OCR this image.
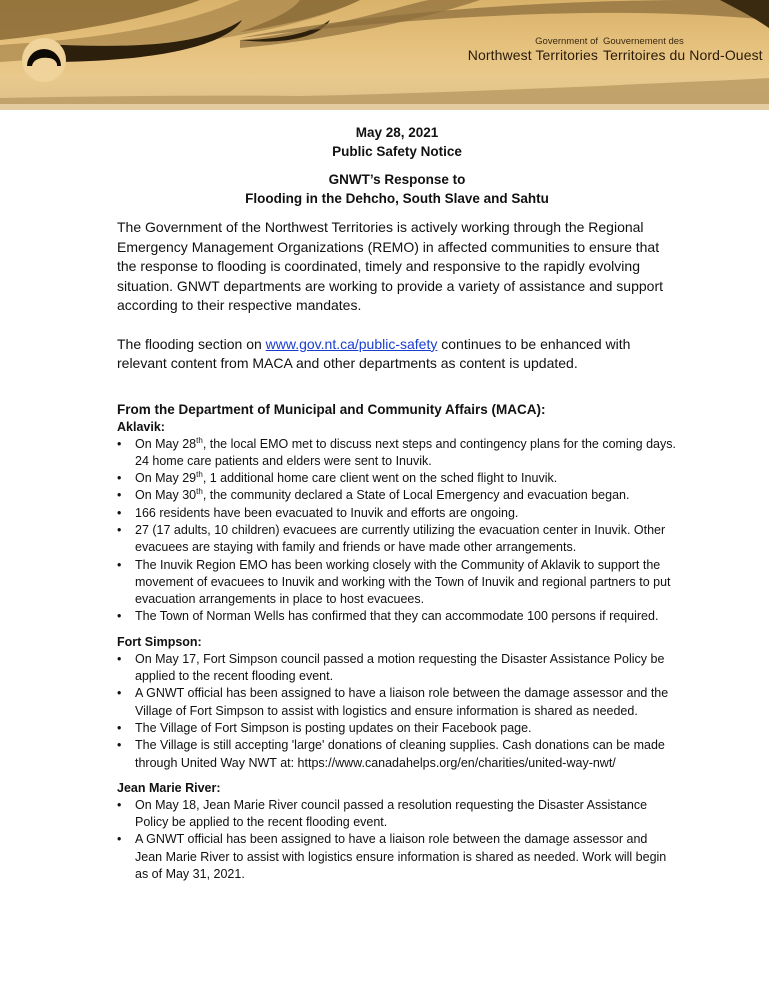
Government of
Northwest Territories
Gouvernement des
Territoires du Nord-Ouest
May 28, 2021
Public Safety Notice
GNWT’s Response to
Flooding in the Dehcho, South Slave and Sahtu

The Government of the Northwest Territories is actively working through the Regional Emergency Management Organizations (REMO) in affected communities to ensure that the response to flooding is coordinated, timely and responsive to the rapidly evolving situation. GNWT departments are working to provide a variety of assistance and support according to their respective mandates.

The flooding section on www.gov.nt.ca/public-safety continues to be enhanced with relevant content from MACA and other departments as content is updated.

From the Department of Municipal and Community Affairs (MACA):
Aklavik:
• On May 28th, the local EMO met to discuss next steps and contingency plans for the coming days. 24 home care patients and elders were sent to Inuvik.
• On May 29th, 1 additional home care client went on the sched flight to Inuvik.
• On May 30th, the community declared a State of Local Emergency and evacuation began.
• 166 residents have been evacuated to Inuvik and efforts are ongoing.
• 27 (17 adults, 10 children) evacuees are currently utilizing the evacuation center in Inuvik. Other evacuees are staying with family and friends or have made other arrangements.
• The Inuvik Region EMO has been working closely with the Community of Aklavik to support the movement of evacuees to Inuvik and working with the Town of Inuvik and regional partners to put evacuation arrangements in place to host evacuees.
• The Town of Norman Wells has confirmed that they can accommodate 100 persons if required.
Fort Simpson:
• On May 17, Fort Simpson council passed a motion requesting the Disaster Assistance Policy be applied to the recent flooding event.
• A GNWT official has been assigned to have a liaison role between the damage assessor and the Village of Fort Simpson to assist with logistics and ensure information is shared as needed.
• The Village of Fort Simpson is posting updates on their Facebook page.
• The Village is still accepting 'large' donations of cleaning supplies. Cash donations can be made through United Way NWT at: https://www.canadahelps.org/en/charities/united-way-nwt/
Jean Marie River:
• On May 18, Jean Marie River council passed a resolution requesting the Disaster Assistance Policy be applied to the recent flooding event.
• A GNWT official has been assigned to have a liaison role between the damage assessor and Jean Marie River to assist with logistics ensure information is shared as needed. Work will begin as of May 31, 2021.
